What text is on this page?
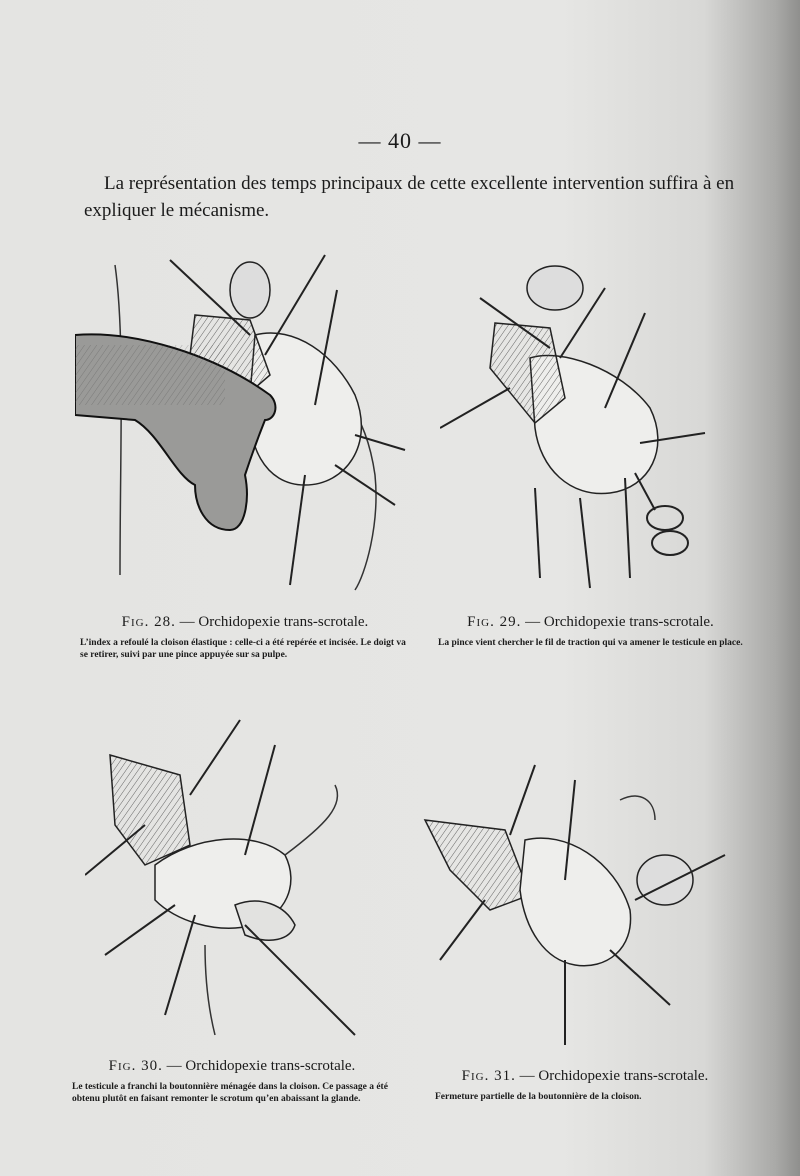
— 40 —
La représentation des temps principaux de cette excellente intervention suffira à en expliquer le mécanisme.
Fig. 28. — Orchidopexie trans-scrotale.
L’index a refoulé la cloison élastique : celle-ci a été repérée et incisée. Le doigt va se retirer, suivi par une pince appuyée sur sa pulpe.
Fig. 29. — Orchidopexie trans-scrotale.
La pince vient chercher le fil de traction qui va amener le testicule en place.
Fig. 30. — Orchidopexie trans-scrotale.
Le testicule a franchi la boutonnière ménagée dans la cloison. Ce passage a été obtenu plutôt en faisant remonter le scrotum qu’en abaissant la glande.
Fig. 31. — Orchidopexie trans-scrotale.
Fermeture partielle de la boutonnière de la cloison.
